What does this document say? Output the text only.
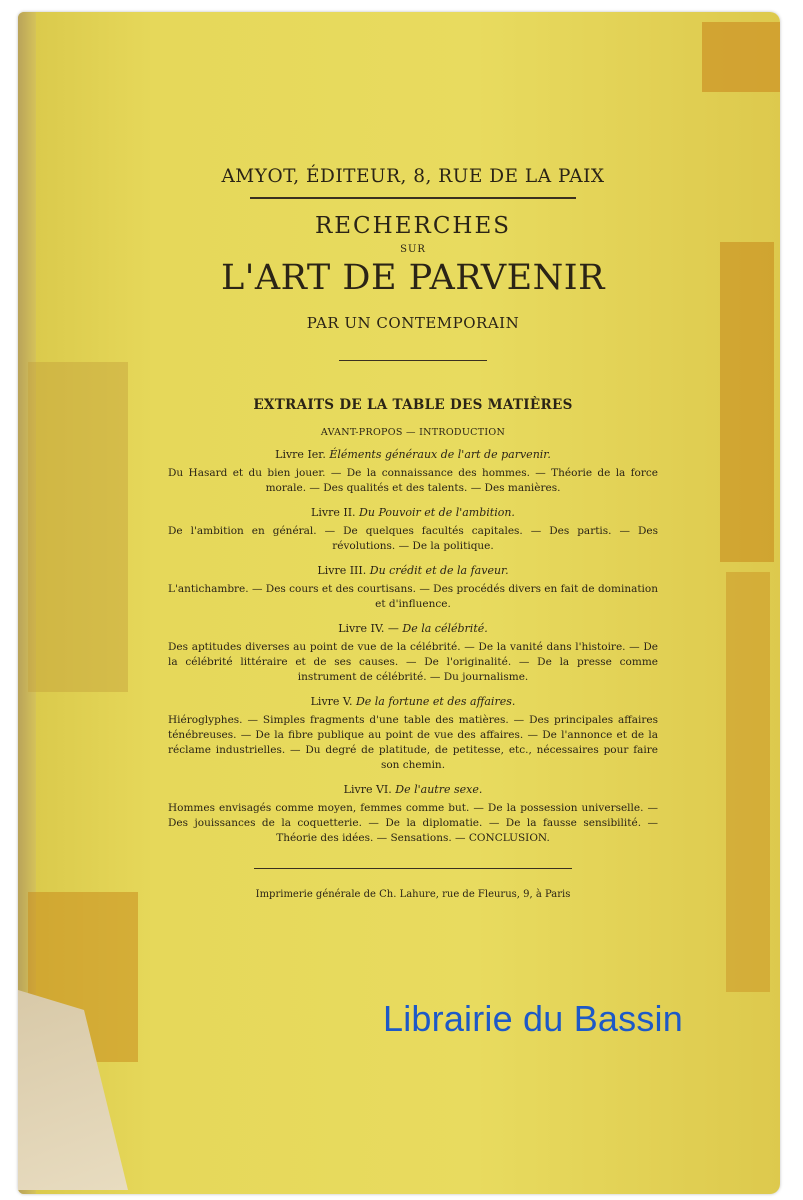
AMYOT, ÉDITEUR, 8, RUE DE LA PAIX
RECHERCHES
SUR
L'ART DE PARVENIR
PAR UN CONTEMPORAIN
EXTRAITS DE LA TABLE DES MATIÈRES
AVANT-PROPOS — INTRODUCTION
Livre Ier. Éléments généraux de l'art de parvenir.
Du Hasard et du bien jouer. — De la connaissance des hommes. — Théorie de la force morale. — Des qualités et des talents. — Des manières.
Livre II. Du Pouvoir et de l'ambition.
De l'ambition en général. — De quelques facultés capitales. — Des partis. — Des révolutions. — De la politique.
Livre III. Du crédit et de la faveur.
L'antichambre. — Des cours et des courtisans. — Des procédés divers en fait de domination et d'influence.
Livre IV. — De la célébrité.
Des aptitudes diverses au point de vue de la célébrité. — De la vanité dans l'histoire. — De la célébrité littéraire et de ses causes. — De l'originalité. — De la presse comme instrument de célébrité. — Du journalisme.
Livre V. De la fortune et des affaires.
Hiéroglyphes. — Simples fragments d'une table des matières. — Des principales affaires ténébreuses. — De la fibre publique au point de vue des affaires. — De l'annonce et de la réclame industrielles. — Du degré de platitude, de petitesse, etc., nécessaires pour faire son chemin.
Livre VI. De l'autre sexe.
Hommes envisagés comme moyen, femmes comme but. — De la possession universelle. — Des jouissances de la coquetterie. — De la diplomatie. — De la fausse sensibilité. — Théorie des idées. — Sensations. — CONCLUSION.
Imprimerie générale de Ch. Lahure, rue de Fleurus, 9, à Paris
Librairie du Bassin
